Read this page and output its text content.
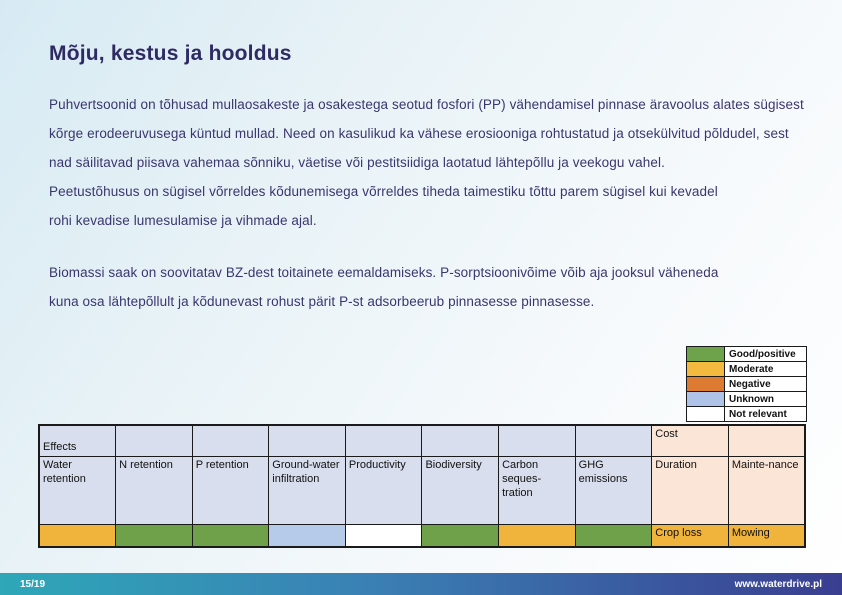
Mõju, kestus ja hooldus
Puhvertsoonid on tõhusad mullaosakeste ja osakestega seotud fosfori (PP) vähendamisel pinnase äravoolus alates sügisest
kõrge erodeeruvusega küntud mullad. Need on kasulikud ka vähese erosiooniga rohtustatud ja otsekülvitud põldudel, sest
nad säilitavad piisava vahemaa sõnniku, väetise või pestitsiidiga laotatud lähtepõllu ja veekogu vahel.
Peetustõhusus on sügisel võrreldes kõdunemisega võrreldes tiheda taimestiku tõttu parem sügisel kui kevadel
rohi kevadise lumesulamise ja vihmade ajal.
Biomassi saak on soovitatav BZ-dest toitainete eemaldamiseks. P-sorptsioonivõime võib aja jooksul väheneda
kuna osa lähtepõllult ja kõdunevast rohust pärit P-st adsorbeerub pinnasesse pinnasesse.
	Good/positive
	Moderate
	Negative
	Unknown
	Not relevant
Effects								Cost	
Water retention	N retention	P retention	Ground-water infiltration	Productivity	Biodiversity	Carbon seques- tration	GHG emissions	Duration	Mainte-nance
								Crop loss	Mowing
15/19	www.waterdrive.pl
